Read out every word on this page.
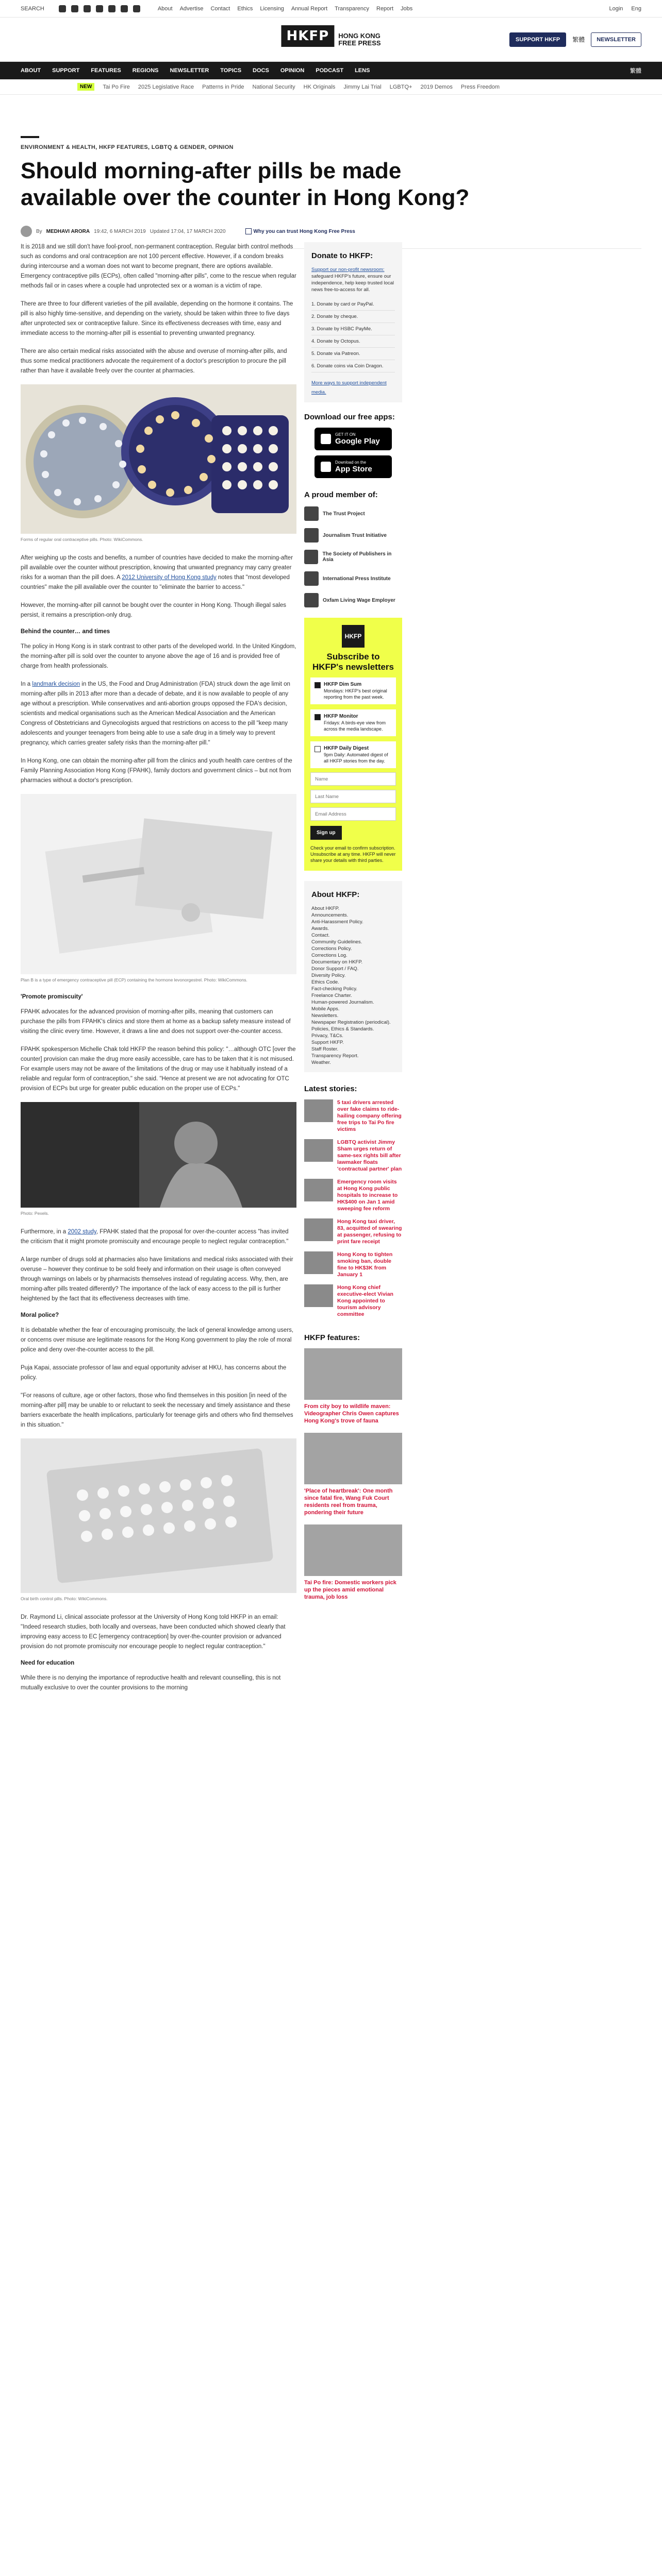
SEARCH	About Advertise Contact Ethics Licensing Annual Report Transparency Report Jobs	Login Eng
HKFP	HONG KONG
FREE PRESS	SUPPORT HKFP	繁體	NEWSLETTER
ABOUT SUPPORT FEATURES REGIONS NEWSLETTER TOPICS DOCS OPINION PODCAST LENS	繁體
NEW	Tai Po Fire 2025 Legislative Race Patterns in Pride National Security HK Originals Jimmy Lai Trial LGBTQ+ 2019 Demos Press Freedom
ENVIRONMENT & HEALTH, HKFP FEATURES, LGBTQ & GENDER, OPINION
Should morning-after pills be made available over the counter in Hong Kong?
By MEDHAVI ARORA 19:42, 6 MARCH 2019 Updated 17:04, 17 MARCH 2020	Why you can trust Hong Kong Free Press

It is 2018 and we still don't have fool-proof, non-permanent contraception. Regular birth control methods such as condoms and oral contraception are not 100 percent effective. However, if a condom breaks during intercourse and a woman does not want to become pregnant, there are options available. Emergency contraceptive pills (ECPs), often called "morning-after pills", come to the rescue when regular methods fail or in cases where a couple had unprotected sex or a woman is a victim of rape.

There are three to four different varieties of the pill available, depending on the hormone it contains. The pill is also highly time-sensitive, and depending on the variety, should be taken within three to five days after unprotected sex or contraceptive failure. Since its effectiveness decreases with time, easy and immediate access to the morning-after pill is essential to preventing unwanted pregnancy.

There are also certain medical risks associated with the abuse and overuse of morning-after pills, and thus some medical practitioners advocate the requirement of a doctor's prescription to procure the pill rather than have it available freely over the counter at pharmacies.

Forms of regular oral contraceptive pills. Photo: WikiCommons.

After weighing up the costs and benefits, a number of countries have decided to make the morning-after pill available over the counter without prescription, knowing that unwanted pregnancy may carry greater risks for a woman than the pill does. A 2012 University of Hong Kong study notes that "most developed countries" make the pill available over the counter to "eliminate the barrier to access."

However, the morning-after pill cannot be bought over the counter in Hong Kong. Though illegal sales persist, it remains a prescription-only drug.

Behind the counter… and times

The policy in Hong Kong is in stark contrast to other parts of the developed world. In the United Kingdom, the morning-after pill is sold over the counter to anyone above the age of 16 and is provided free of charge from health professionals.

In a landmark decision in the US, the Food and Drug Administration (FDA) struck down the age limit on morning-after pills in 2013 after more than a decade of debate, and it is now available to people of any age without a prescription. While conservatives and anti-abortion groups opposed the FDA's decision, scientists and medical organisations such as the American Medical Association and the American Congress of Obstetricians and Gynecologists argued that restrictions on access to the pill "keep many adolescents and younger teenagers from being able to use a safe drug in a timely way to prevent pregnancy, which carries greater safety risks than the morning-after pill."

In Hong Kong, one can obtain the morning-after pill from the clinics and youth health care centres of the Family Planning Association Hong Kong (FPAHK), family doctors and government clinics – but not from pharmacies without a doctor's prescription.

Plan B is a type of emergency contraceptive pill (ECP) containing the hormone levonorgestrel. Photo: WikiCommons.
'Promote promiscuity'

FPAHK advocates for the advanced provision of morning-after pills, meaning that customers can purchase the pills from FPAHK's clinics and store them at home as a backup safety measure instead of visiting the clinic every time. However, it draws a line and does not support over-the-counter access.

FPAHK spokesperson Michelle Chak told HKFP the reason behind this policy: "…although OTC [over the counter] provision can make the drug more easily accessible, care has to be taken that it is not misused. For example users may not be aware of the limitations of the drug or may use it habitually instead of a reliable and regular form of contraception," she said. "Hence at present we are not advocating for OTC provision of ECPs but urge for greater public education on the proper use of ECPs."

Photo: Pexels.

Furthermore, in a 2002 study, FPAHK stated that the proposal for over-the-counter access "has invited the criticism that it might promote promiscuity and encourage people to neglect regular contraception."

A large number of drugs sold at pharmacies also have limitations and medical risks associated with their overuse – however they continue to be sold freely and information on their usage is often conveyed through warnings on labels or by pharmacists themselves instead of regulating access. Why, then, are morning-after pills treated differently? The importance of the lack of easy access to the pill is further heightened by the fact that its effectiveness decreases with time.

Moral police?

It is debatable whether the fear of encouraging promiscuity, the lack of general knowledge among users, or concerns over misuse are legitimate reasons for the Hong Kong government to play the role of moral police and deny over-the-counter access to the pill.

Puja Kapai, associate professor of law and equal opportunity adviser at HKU, has concerns about the policy.

"For reasons of culture, age or other factors, those who find themselves in this position [in need of the morning-after pill] may be unable to or reluctant to seek the necessary and timely assistance and these barriers exacerbate the health implications, particularly for teenage girls and others who find themselves in this situation."

Oral birth control pills. Photo: WikiCommons.

Dr. Raymond Li, clinical associate professor at the University of Hong Kong told HKFP in an email: "Indeed research studies, both locally and overseas, have been conducted which showed clearly that improving easy access to EC [emergency contraception] by over-the-counter provision or advanced provision do not promote promiscuity nor encourage people to neglect regular contraception."

Need for education

While there is no denying the importance of reproductive health and relevant counselling, this is not mutually exclusive to over the counter provisions to the morning

Donate to HKFP:
Support our non-profit newsroom: safeguard HKFP's future, ensure our independence, help keep trusted local news free-to-access for all.
1. Donate by card or PayPal.
2. Donate by cheque.
3. Donate by HSBC PayMe.
4. Donate by Octopus.
5. Donate via Patreon.
6. Donate coins via Coin Dragon.
More ways to support independent media.
Download our free apps:
GET IT ON
Google Play
Download on the
App Store
A proud member of:
The Trust Project
Journalism Trust Initiative
The Society of Publishers in Asia
International Press Institute
Oxfam Living Wage Employer
HKFP
Subscribe to HKFP's newsletters
HKFP Dim Sum
Mondays: HKFP's best original reporting from the past week.
HKFP Monitor
Fridays: A birds-eye view from across the media landscape.
HKFP Daily Digest
9pm Daily: Automated digest of all HKFP stories from the day.
Name Last Name Email Address Sign up
Check your email to confirm subscription. Unsubscribe at any time. HKFP will never share your details with third parties.
About HKFP:
About HKFP.
Announcements.
Anti-Harassment Policy.
Awards.
Contact.
Community Guidelines.
Corrections Policy.
Corrections Log.
Documentary on HKFP.
Donor Support / FAQ.
Diversity Policy.
Ethics Code.
Fact-checking Policy.
Freelance Charter.
Human-powered Journalism.
Mobile Apps.
Newsletters.
Newspaper Registration (periodical).
Policies, Ethics & Standards.
Privacy, T&Cs.
Support HKFP.
Staff Roster.
Transparency Report.
Weather.
Latest stories:
5 taxi drivers arrested over fake claims to ride-hailing company offering free trips to Tai Po fire victims
LGBTQ activist Jimmy Sham urges return of same-sex rights bill after lawmaker floats 'contractual partner' plan
Emergency room visits at Hong Kong public hospitals to increase to HK$400 on Jan 1 amid sweeping fee reform
Hong Kong taxi driver, 83, acquitted of swearing at passenger, refusing to print fare receipt
Hong Kong to tighten smoking ban, double fine to HK$3K from January 1
Hong Kong chief executive-elect Vivian Kong appointed to tourism advisory committee
HKFP features:
From city boy to wildlife maven: Videographer Chris Owen captures Hong Kong's trove of fauna
'Place of heartbreak': One month since fatal fire, Wang Fuk Court residents reel from trauma, pondering their future
Tai Po fire: Domestic workers pick up the pieces amid emotional trauma, job loss
